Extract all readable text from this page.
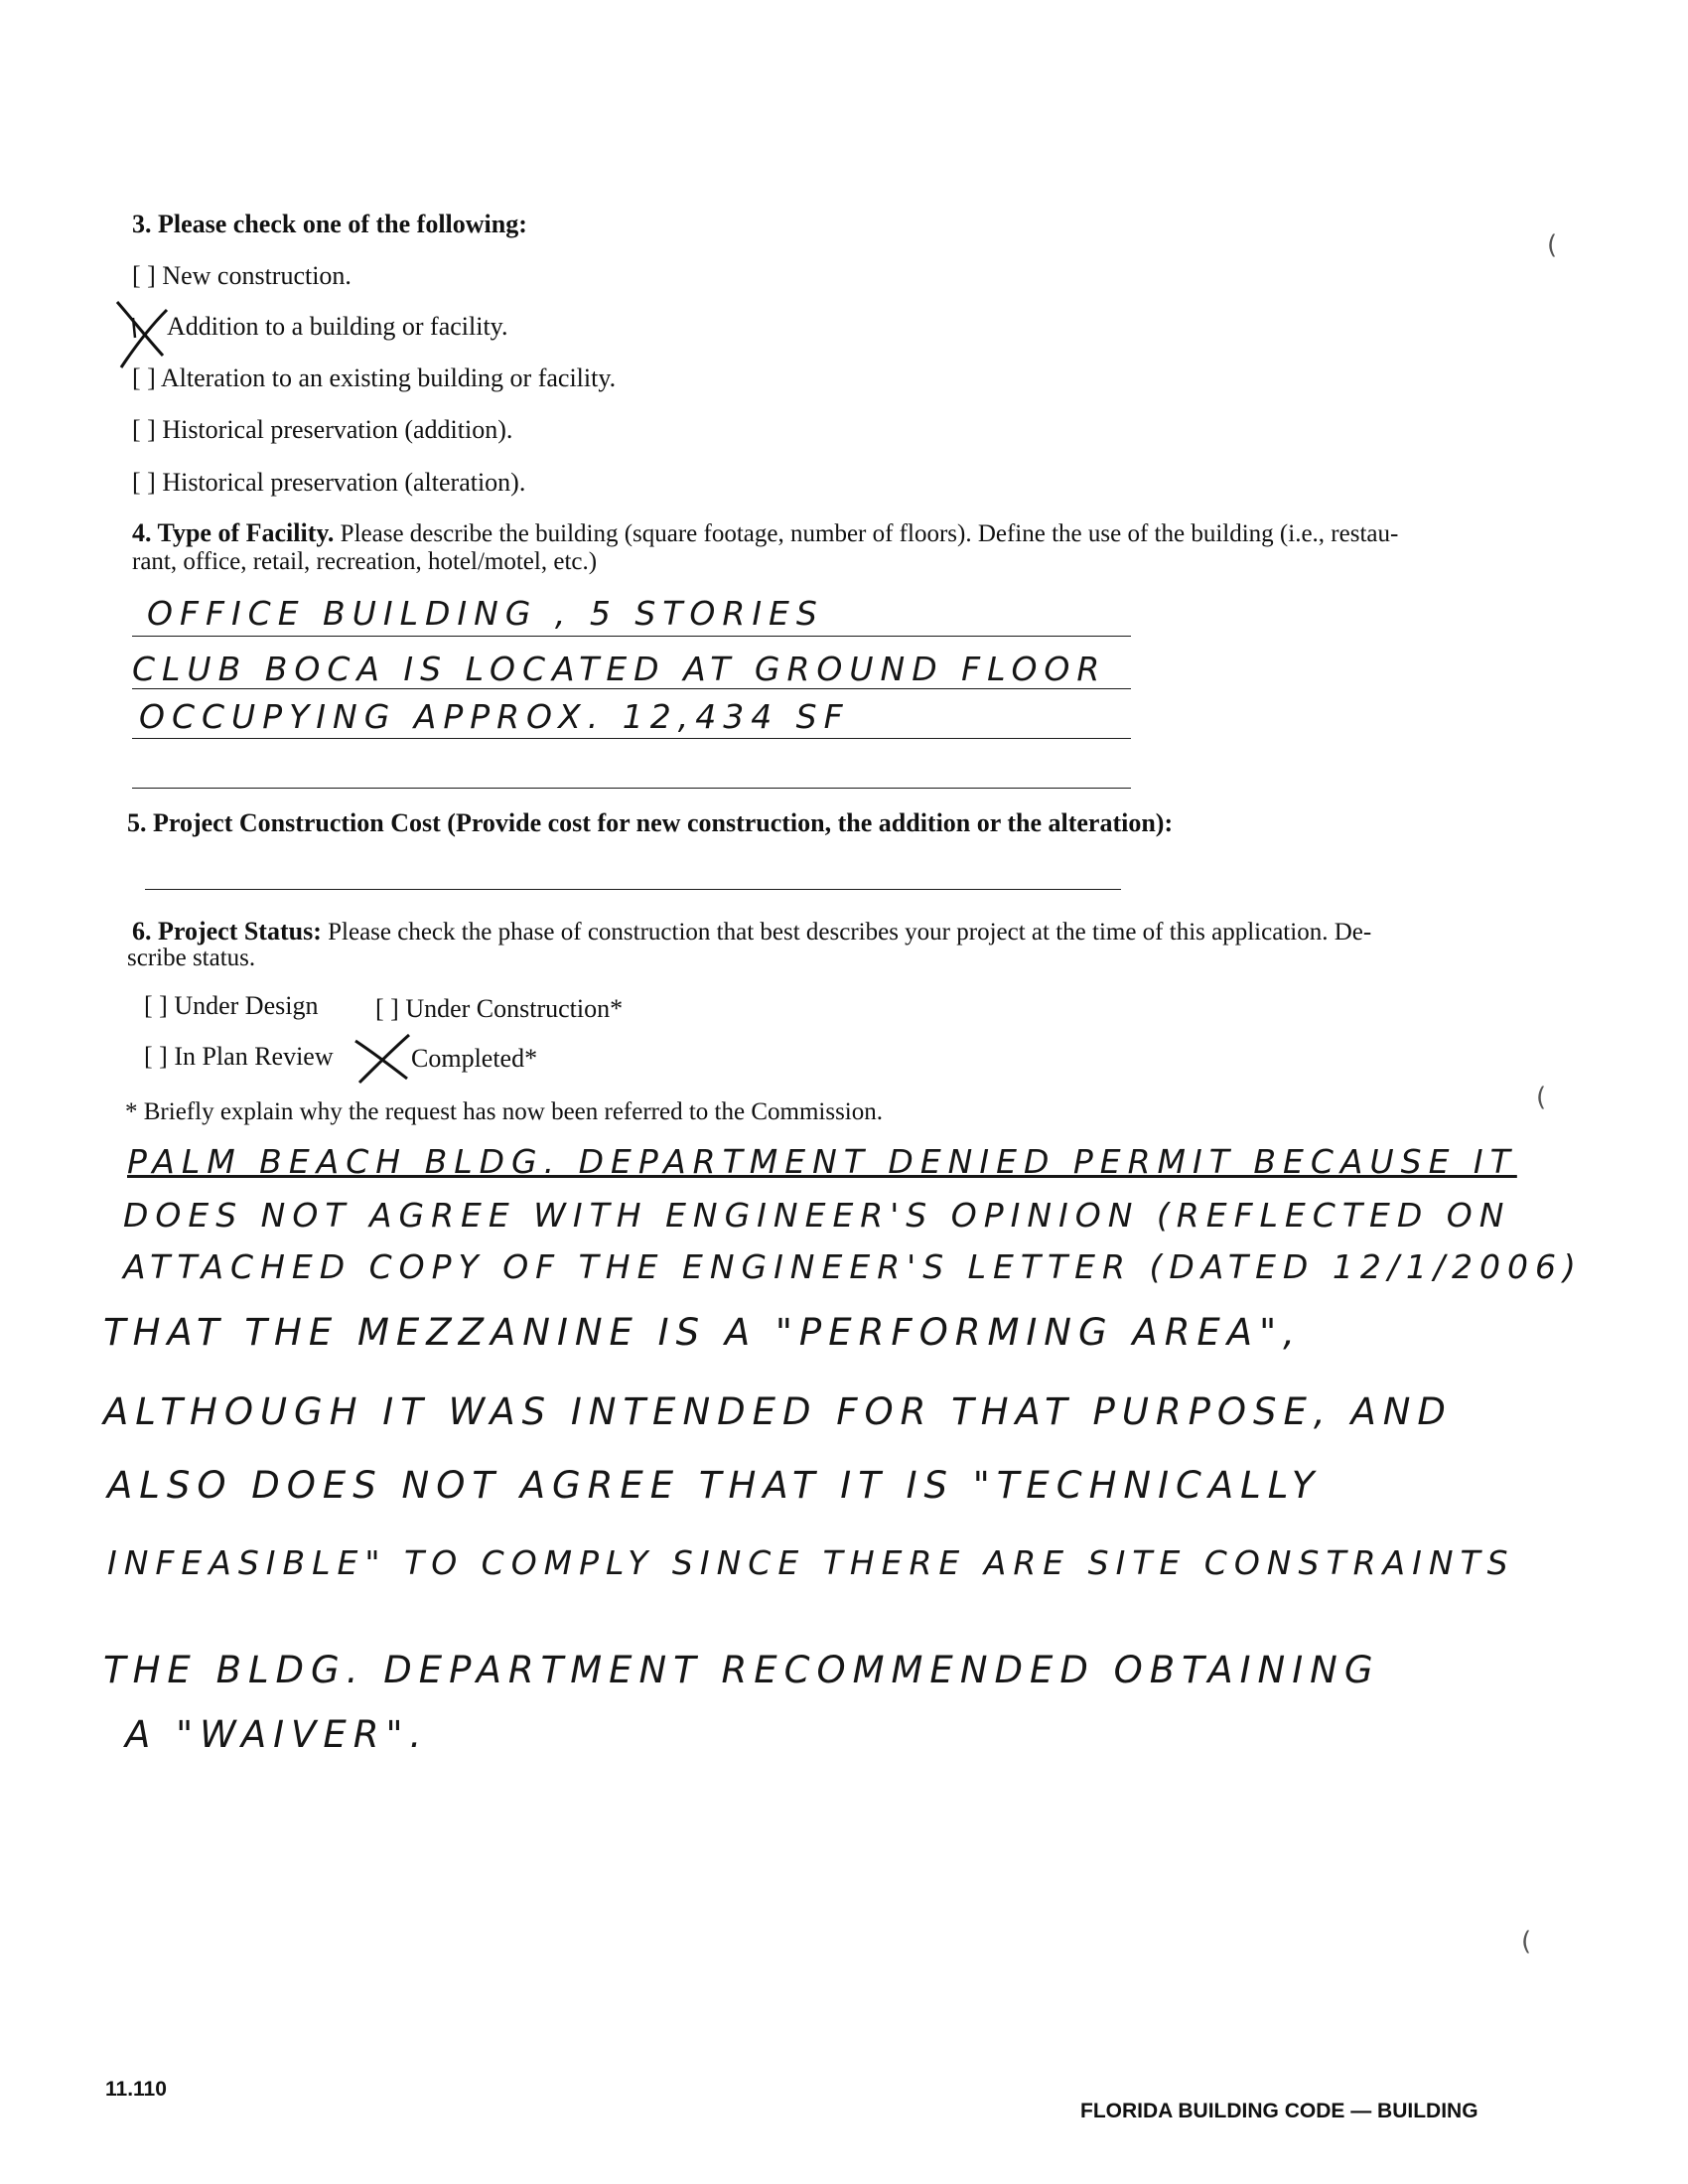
3. Please check one of the following:
[ ] New construction.
Addition to a building or facility.
[ ] Alteration to an existing building or facility.
[ ] Historical preservation (addition).
[ ] Historical preservation (alteration).
4. Type of Facility. Please describe the building (square footage, number of floors). Define the use of the building (i.e., restau-
rant, office, retail, recreation, hotel/motel, etc.)
OFFICE BUILDING , 5 STORIES
CLUB BOCA IS LOCATED AT GROUND FLOOR
OCCUPYING APPROX. 12,434 SF
5. Project Construction Cost (Provide cost for new construction, the addition or the alteration):
6. Project Status: Please check the phase of construction that best describes your project at the time of this application. De-
scribe status.
[ ] Under Design [ ] Under Construction*
[ ] In Plan Review	Completed*
* Briefly explain why the request has now been referred to the Commission.
PALM BEACH BLDG. DEPARTMENT DENIED PERMIT BECAUSE IT
DOES NOT AGREE WITH ENGINEER'S OPINION (REFLECTED ON
ATTACHED COPY OF THE ENGINEER'S LETTER (DATED 12/1/2006)
THAT THE MEZZANINE IS A "PERFORMING AREA",
ALTHOUGH IT WAS INTENDED FOR THAT PURPOSE, AND
ALSO DOES NOT AGREE THAT IT IS "TECHNICALLY
INFEASIBLE" TO COMPLY SINCE THERE ARE SITE CONSTRAINTS
THE BLDG. DEPARTMENT RECOMMENDED OBTAINING
A "WAIVER".
(
(
(
11.110
FLORIDA BUILDING CODE — BUILDING
